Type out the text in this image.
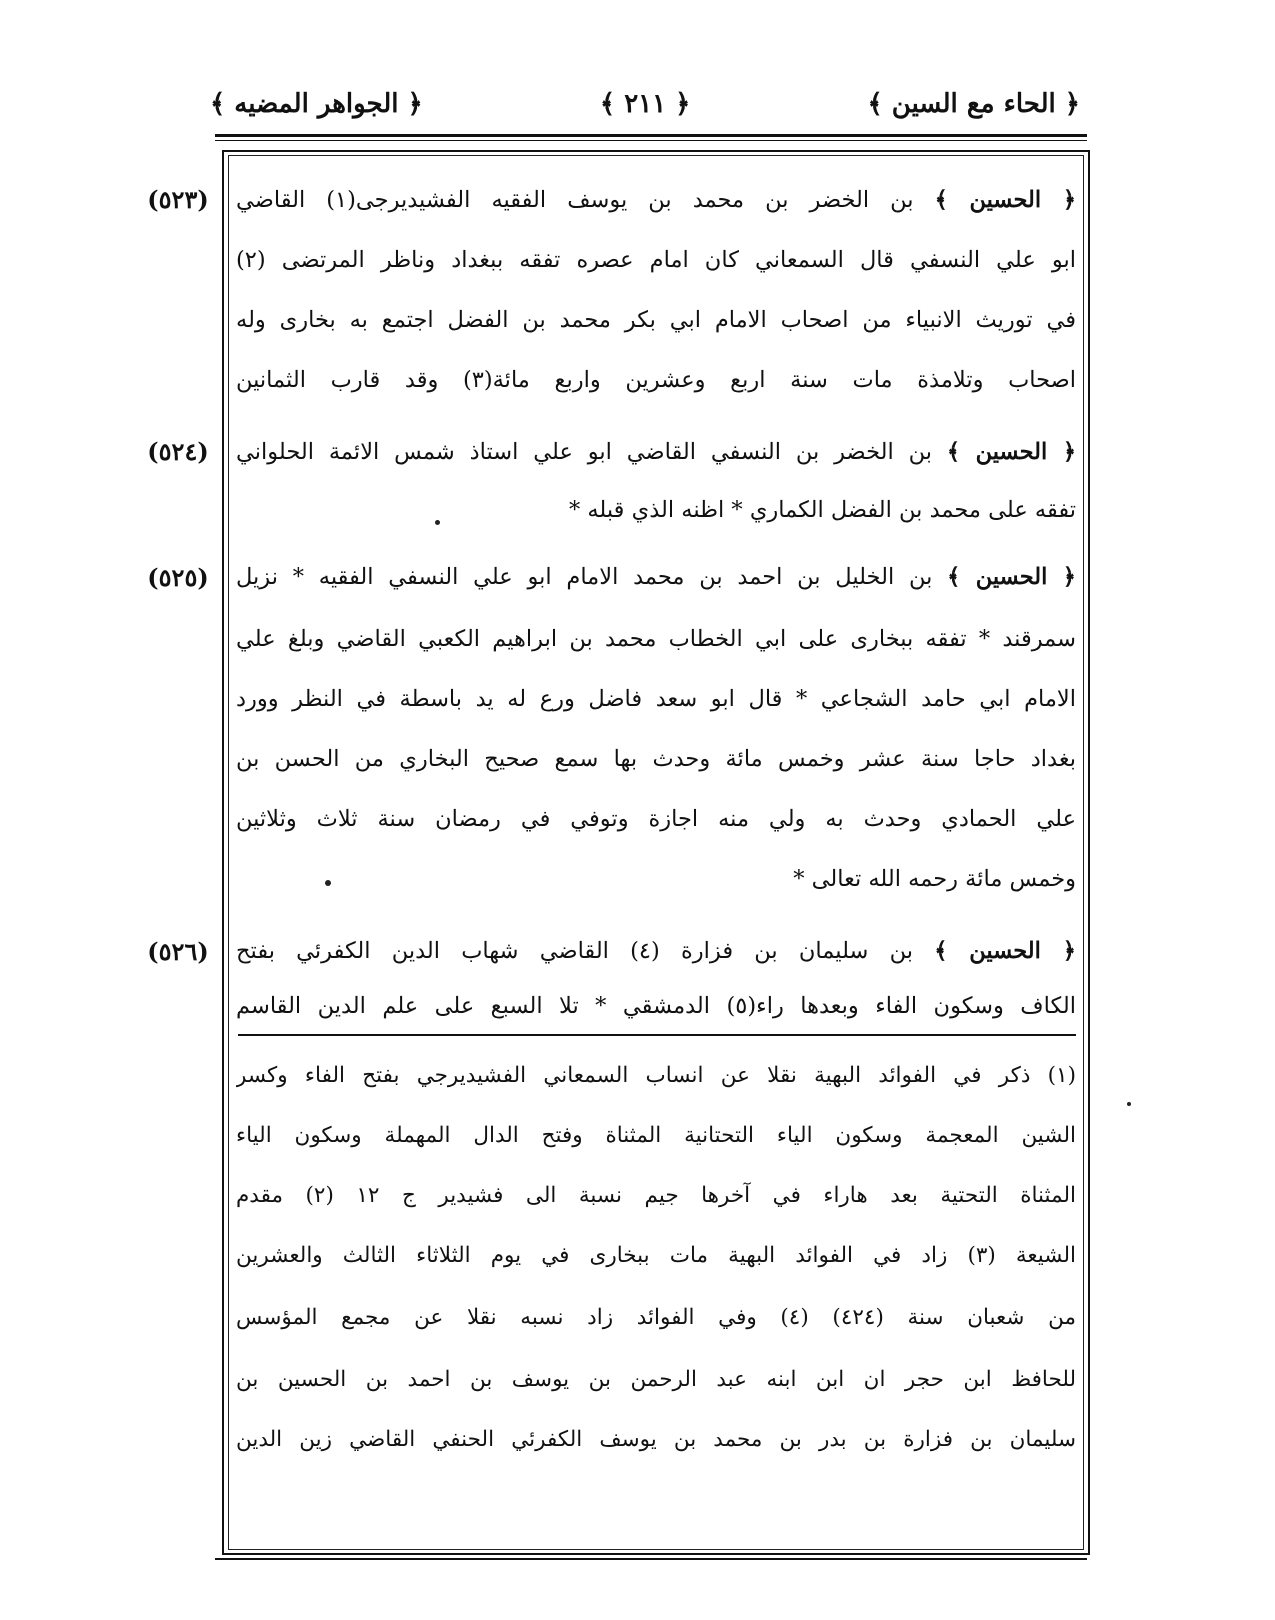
﴿ الحاء مع السين ﴾
﴿ ٢١١ ﴾
﴿ الجواهر المضيه ﴾
(٥٢٣)	﴿ الحسين ﴾ بن الخضر بن محمد بن يوسف الفقيه الفشيديرجى(١) القاضي
ابو علي النسفي قال السمعاني كان امام عصره تفقه ببغداد وناظر المرتضى (٢)
في توريث الانبياء من اصحاب الامام ابي بكر محمد بن الفضل اجتمع به بخارى وله
اصحاب وتلامذة مات سنة اربع وعشرين واربع مائة(٣) وقد قارب الثمانين
(٥٢٤)	﴿ الحسين ﴾ بن الخضر بن النسفي القاضي ابو علي استاذ شمس الائمة الحلواني
تفقه على محمد بن الفضل الكماري * اظنه الذي قبله *
(٥٢٥)	﴿ الحسين ﴾ بن الخليل بن احمد بن محمد الامام ابو علي النسفي الفقيه * نزيل
سمرقند * تفقه ببخارى على ابي الخطاب محمد بن ابراهيم الكعبي القاضي وبلغ علي
الامام ابي حامد الشجاعي * قال ابو سعد فاضل ورع له يد باسطة في النظر وورد
بغداد حاجا سنة عشر وخمس مائة وحدث بها سمع صحيح البخاري من الحسن بن
علي الحمادي وحدث به ولي منه اجازة وتوفي في رمضان سنة ثلاث وثلاثين
وخمس مائة رحمه الله تعالى *
(٥٢٦)	﴿ الحسين ﴾ بن سليمان بن فزارة (٤) القاضي شهاب الدين الكفرئي بفتح
الكاف وسكون الفاء وبعدها راء(٥) الدمشقي * تلا السبع على علم الدين القاسم
(١) ذكر في الفوائد البهية نقلا عن انساب السمعاني الفشيديرجي بفتح الفاء وكسر
الشين المعجمة وسكون الياء التحتانية المثناة وفتح الدال المهملة وسكون الياء
المثناة التحتية بعد هاراء في آخرها جيم نسبة الى فشيدير ج ١٢ (٢) مقدم
الشيعة (٣) زاد في الفوائد البهية مات ببخارى في يوم الثلاثاء الثالث والعشرين
من شعبان سنة (٤٢٤) (٤) وفي الفوائد زاد نسبه نقلا عن مجمع المؤسس
للحافظ ابن حجر ان ابن ابنه عبد الرحمن بن يوسف بن احمد بن الحسين بن
سليمان بن فزارة بن بدر بن محمد بن يوسف الكفرئي الحنفي القاضي زين الدين
